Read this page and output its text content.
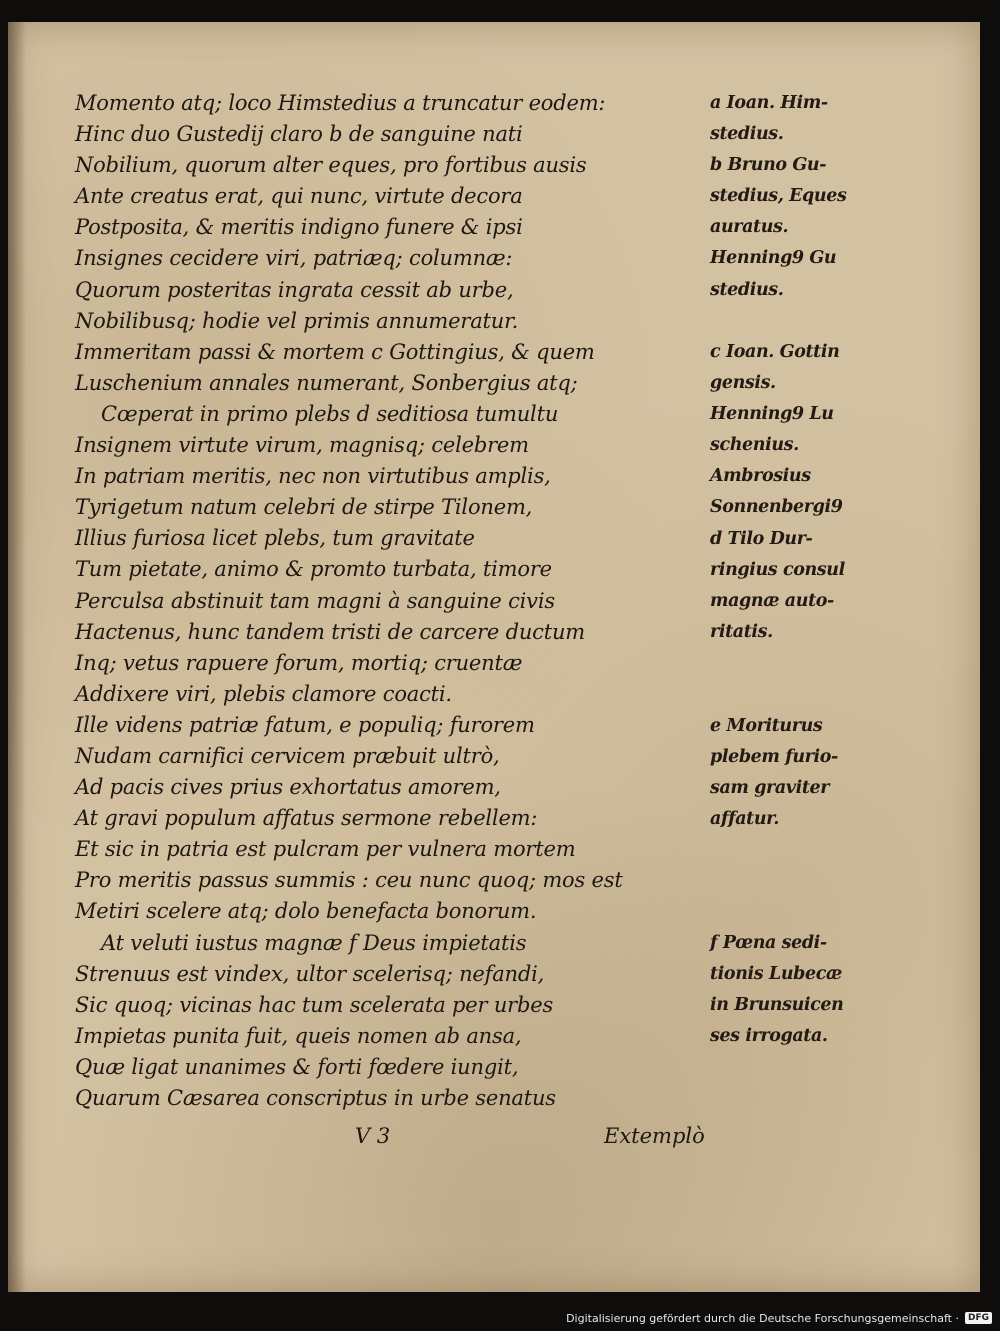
Momento atq; loco Himstedius a truncatur eodem:
Hinc duo Gustedij claro b de sanguine nati
Nobilium, quorum alter eques, pro fortibus ausis
Ante creatus erat, qui nunc, virtute decora
Postposita, & meritis indigno funere & ipsi
Insignes cecidere viri, patriæq; columnæ:
Quorum posteritas ingrata cessit ab urbe,
Nobilibusq; hodie vel primis annumeratur.
Immeritam passi & mortem c Gottingius, & quem
Luschenium annales numerant, Sonbergius atq;
Cœperat in primo plebs d seditiosa tumultu
Insignem virtute virum, magnisq; celebrem
In patriam meritis, nec non virtutibus amplis,
Tyrigetum natum celebri de stirpe Tilonem,
Illius furiosa licet plebs, tum gravitate
Tum pietate, animo & promto turbata, timore
Perculsa abstinuit tam magni à sanguine civis
Hactenus, hunc tandem tristi de carcere ductum
Inq; vetus rapuere forum, mortiq; cruentæ
Addixere viri, plebis clamore coacti.
Ille videns patriæ fatum, e populiq; furorem
Nudam carnifici cervicem præbuit ultrò,
Ad pacis cives prius exhortatus amorem,
At gravi populum affatus sermone rebellem:
Et sic in patria est pulcram per vulnera mortem
Pro meritis passus summis : ceu nunc quoq; mos est
Metiri scelere atq; dolo benefacta bonorum.
At veluti iustus magnæ f Deus impietatis
Strenuus est vindex, ultor scelerisq; nefandi,
Sic quoq; vicinas hac tum scelerata per urbes
Impietas punita fuit, queis nomen ab ansa,
Quæ ligat unanimes & forti fœdere iungit,
Quarum Cæsarea conscriptus in urbe senatus
a Ioan. Him-
stedius.
b Bruno Gu-
stedius, Eques
auratus.
Henning9 Gu
stedius.
c Ioan. Gottin
gensis.
Henning9 Lu
schenius.
Ambrosius
Sonnenbergi9
d Tilo Dur-
ringius consul
magnæ auto-
ritatis.
e Moriturus
plebem furio-
sam graviter
affatur.
f Pœna sedi-
tionis Lubecæ
in Brunsuicen
ses irrogata.
V 3	Extemplò
Digitalisierung gefördert durch die Deutsche Forschungsgemeinschaft ·	DFG
